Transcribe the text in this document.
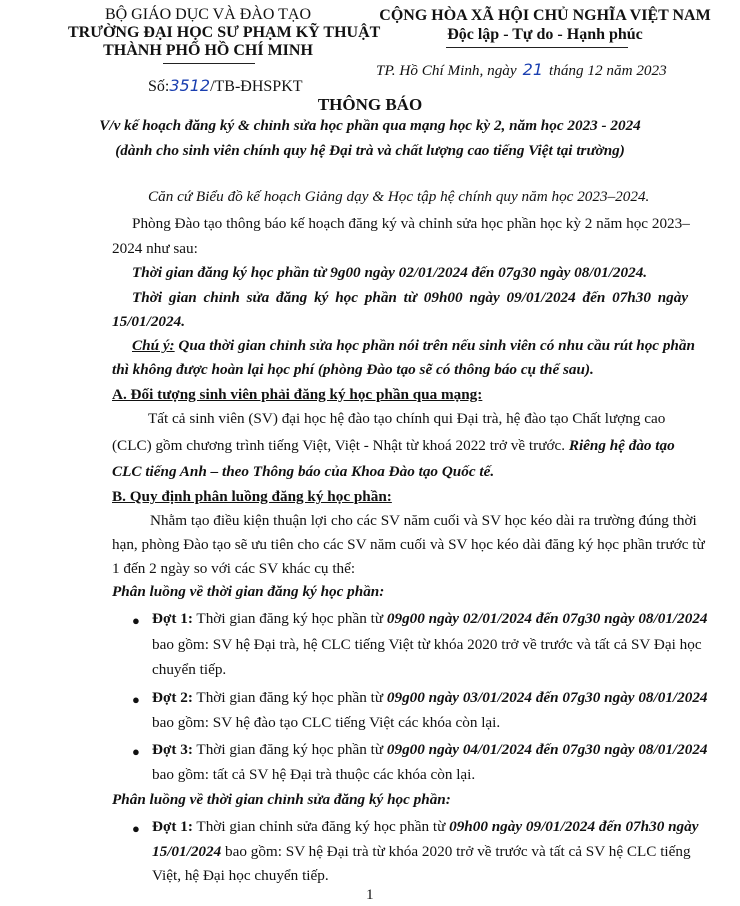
BỘ GIÁO DỤC VÀ ĐÀO TẠO
TRƯỜNG ĐẠI HỌC SƯ PHẠM KỸ THUẬT
THÀNH PHỐ HỒ CHÍ MINH
Số:3512/TB-ĐHSPKT
CỘNG HÒA XÃ HỘI CHỦ NGHĨA VIỆT NAM
Độc lập - Tự do - Hạnh phúc
TP. Hồ Chí Minh, ngày 21 tháng 12 năm 2023
THÔNG BÁO
V/v kế hoạch đăng ký & chỉnh sửa học phần qua mạng học kỳ 2, năm học 2023 - 2024
(dành cho sinh viên chính quy hệ Đại trà và chất lượng cao tiếng Việt tại trường)
Căn cứ Biểu đồ kế hoạch Giảng dạy & Học tập hệ chính quy năm học 2023–2024.
Phòng Đào tạo thông báo kế hoạch đăng ký và chỉnh sửa học phần học kỳ 2 năm học 2023–
2024 như sau:
Thời gian đăng ký học phần từ 9g00 ngày 02/01/2024 đến 07g30 ngày 08/01/2024.
Thời gian chỉnh sửa đăng ký học phần từ 09h00 ngày 09/01/2024 đến 07h30 ngày
15/01/2024.
Chú ý: Qua thời gian chỉnh sửa học phần nói trên nếu sinh viên có nhu cầu rút học phần
thì không được hoàn lại học phí (phòng Đào tạo sẽ có thông báo cụ thể sau).
A. Đối tượng sinh viên phải đăng ký học phần qua mạng:
Tất cả sinh viên (SV) đại học hệ đào tạo chính qui Đại trà, hệ đào tạo Chất lượng cao
(CLC) gồm chương trình tiếng Việt, Việt - Nhật từ khoá 2022 trở về trước. Riêng hệ đào tạo
CLC tiếng Anh – theo Thông báo của Khoa Đào tạo Quốc tế.
B. Quy định phân luồng đăng ký học phần:
Nhằm tạo điều kiện thuận lợi cho các SV năm cuối và SV học kéo dài ra trường đúng thời
hạn, phòng Đào tạo sẽ ưu tiên cho các SV năm cuối và SV học kéo dài đăng ký học phần trước từ
1 đến 2 ngày so với các SV khác cụ thể:
Phân luồng về thời gian đăng ký học phần:
● Đợt 1: Thời gian đăng ký học phần từ 09g00 ngày 02/01/2024 đến 07g30 ngày 08/01/2024
bao gồm: SV hệ Đại trà, hệ CLC tiếng Việt từ khóa 2020 trở về trước và tất cả SV Đại học
chuyển tiếp.
● Đợt 2: Thời gian đăng ký học phần từ 09g00 ngày 03/01/2024 đến 07g30 ngày 08/01/2024
bao gồm: SV hệ đào tạo CLC tiếng Việt các khóa còn lại.
● Đợt 3: Thời gian đăng ký học phần từ 09g00 ngày 04/01/2024 đến 07g30 ngày 08/01/2024
bao gồm: tất cả SV hệ Đại trà thuộc các khóa còn lại.
Phân luồng về thời gian chỉnh sửa đăng ký học phần:
● Đợt 1: Thời gian chỉnh sửa đăng ký học phần từ 09h00 ngày 09/01/2024 đến 07h30 ngày
15/01/2024 bao gồm: SV hệ Đại trà từ khóa 2020 trở về trước và tất cả SV hệ CLC tiếng
Việt, hệ Đại học chuyển tiếp.
1
